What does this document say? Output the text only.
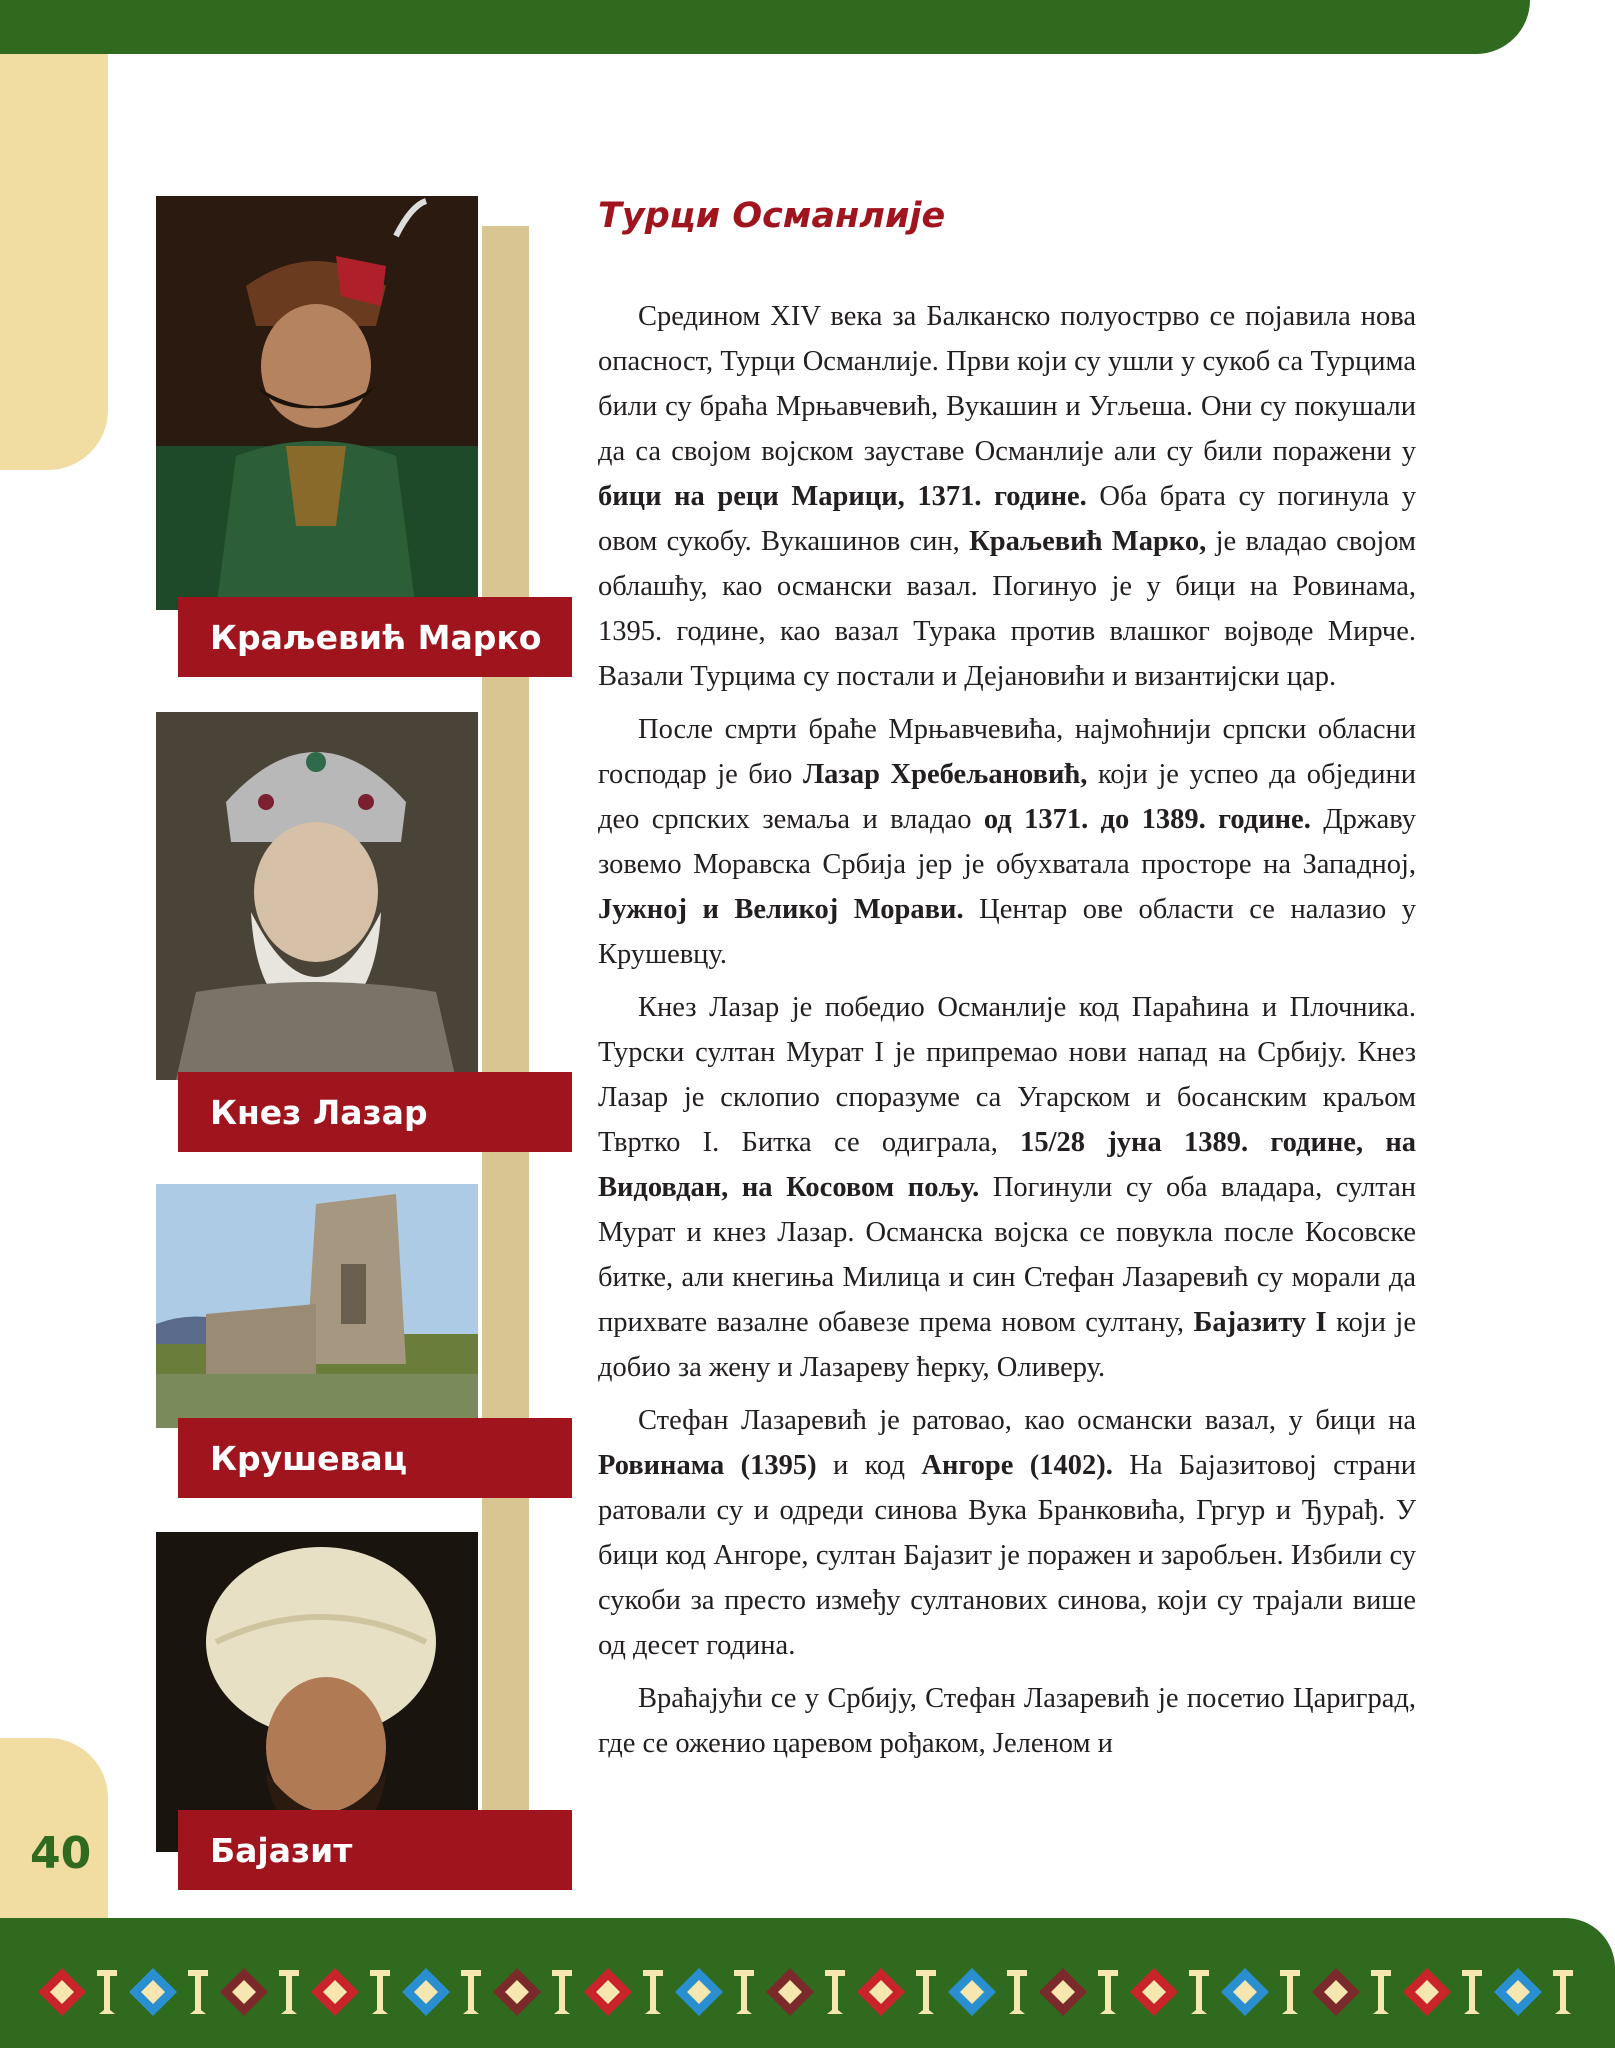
40
Краљевић Марко
Кнез Лазар
Крушевац
Бајазит
Турци Османлије

Средином XIV века за Балканско полуострво се појавила нова опасност, Турци Османлије. Први који су ушли у сукоб са Турцима били су браћа Мрњавчевић, Вукашин и Угљеша. Они су покушали да са својом војском зауставе Османлије али су били поражени у бици на реци Марици, 1371. године. Оба брата су погинула у овом сукобу. Вукашинов син, Краљевић Марко, је владао својом облашћу, као османски вазал. Погинуо је у бици на Ровинама, 1395. године, као вазал Турака против влашког војводе Мирче. Вазали Турцима су постали и Дејановићи и византијски цар.

После смрти браће Мрњавчевића, најмоћнији српски обласни господар је био Лазар Хребељановић, који је успео да обједини део српских земаља и владао од 1371. до 1389. године. Државу зовемо Моравска Србија јер је обухватала просторе на Западној, Јужној и Великој Морави. Центар ове области се налазио у Крушевцу.

Кнез Лазар је победио Османлије код Параћина и Плочника. Турски султан Мурат I је припремао нови напад на Србију. Кнез Лазар је склопио споразуме са Угарском и босанским краљом Твртко I. Битка се одиграла, 15/28 јуна 1389. године, на Видовдан, на Косовом пољу. Погинули су оба владара, султан Мурат и кнез Лазар. Османска војска се повукла после Косовске битке, али кнегиња Милица и син Стефан Лазаревић су морали да прихвате вазалне обавезе према новом султану, Бајазиту I који је добио за жену и Лазареву ћерку, Оливеру.

Стефан Лазаревић је ратовао, као османски вазал, у бици на Ровинама (1395) и код Ангоре (1402). На Бајазитовој страни ратовали су и одреди синова Вука Бранковића, Гргур и Ђурађ. У бици код Ангоре, султан Бајазит је поражен и заробљен. Избили су сукоби за престо између султанових синова, који су трајали више од десет година.

Враћајући се у Србију, Стефан Лазаревић је посетио Цариград, где се оженио царевом рођаком, Јеленом и
